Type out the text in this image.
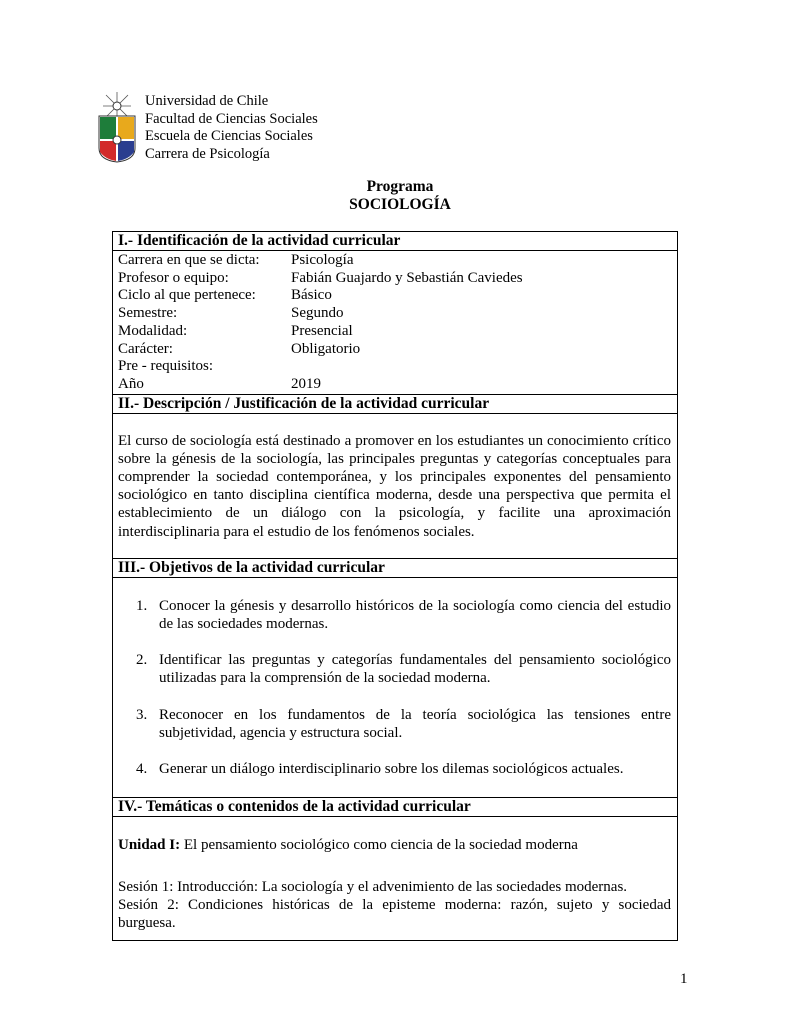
Universidad de Chile
Facultad de Ciencias Sociales
Escuela de Ciencias Sociales
Carrera de Psicología
Programa
SOCIOLOGÍA
I.- Identificación de la actividad curricular
Carrera en que se dicta:	Psicología
Profesor o equipo:	Fabián Guajardo y Sebastián Caviedes
Ciclo al que pertenece:	Básico
Semestre:	Segundo
Modalidad:	Presencial
Carácter:	Obligatorio
Pre - requisitos:
Año	2019
II.- Descripción / Justificación de la actividad curricular
El curso de sociología está destinado a promover en los estudiantes un conocimiento crítico sobre la génesis de la sociología, las principales preguntas y categorías conceptuales para comprender la sociedad contemporánea, y los principales exponentes del pensamiento sociológico en tanto disciplina científica moderna, desde una perspectiva que permita el establecimiento de un diálogo con la psicología, y facilite una aproximación interdisciplinaria para el estudio de los fenómenos sociales.
III.- Objetivos de la actividad curricular
1. Conocer la génesis y desarrollo históricos de la sociología como ciencia del estudio de las sociedades modernas.
2. Identificar las preguntas y categorías fundamentales del pensamiento sociológico utilizadas para la comprensión de la sociedad moderna.
3. Reconocer en los fundamentos de la teoría sociológica las tensiones entre subjetividad, agencia y estructura social.
4. Generar un diálogo interdisciplinario sobre los dilemas sociológicos actuales.
IV.- Temáticas o contenidos de la actividad curricular
Unidad I: El pensamiento sociológico como ciencia de la sociedad moderna
Sesión 1: Introducción: La sociología y el advenimiento de las sociedades modernas.
Sesión 2: Condiciones históricas de la episteme moderna: razón, sujeto y sociedad burguesa.
1
